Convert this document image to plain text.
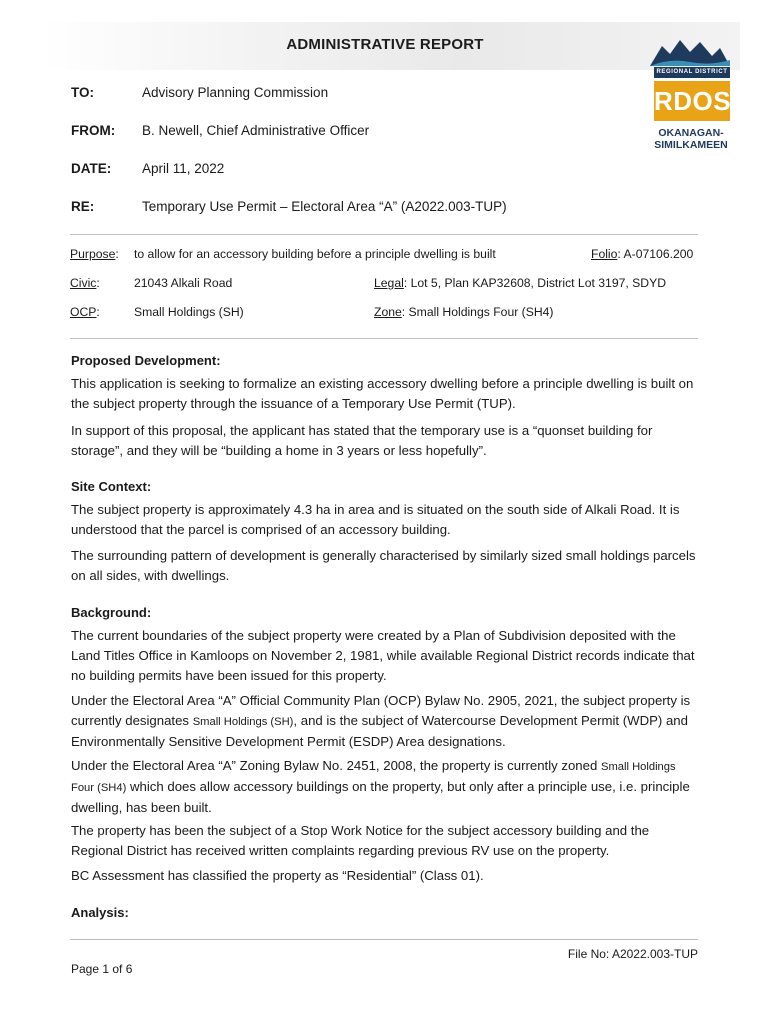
ADMINISTRATIVE REPORT
REGIONAL DISTRICT
RDOS
OKANAGAN-
SIMILKAMEEN
TO:	Advisory Planning Commission
FROM: B. Newell, Chief Administrative Officer
DATE: April 11, 2022
RE:	Temporary Use Permit – Electoral Area “A” (A2022.003-TUP)
Purpose: to allow for an accessory building before a principle dwelling is built	Folio: A-07106.200
Civic:	21043 Alkali Road	Legal: Lot 5, Plan KAP32608, District Lot 3197, SDYD
OCP:	Small Holdings (SH)	Zone: Small Holdings Four (SH4)
Proposed Development:
This application is seeking to formalize an existing accessory dwelling before a principle dwelling is built on the subject property through the issuance of a Temporary Use Permit (TUP).
In support of this proposal, the applicant has stated that the temporary use is a “quonset building for storage”, and they will be “building a home in 3 years or less hopefully”.
Site Context:
The subject property is approximately 4.3 ha in area and is situated on the south side of Alkali Road. It is understood that the parcel is comprised of an accessory building.
The surrounding pattern of development is generally characterised by similarly sized small holdings parcels on all sides, with dwellings.
Background:
The current boundaries of the subject property were created by a Plan of Subdivision deposited with the Land Titles Office in Kamloops on November 2, 1981, while available Regional District records indicate that no building permits have been issued for this property.
Under the Electoral Area “A” Official Community Plan (OCP) Bylaw No. 2905, 2021, the subject property is currently designates Small Holdings (SH), and is the subject of Watercourse Development Permit (WDP) and Environmentally Sensitive Development Permit (ESDP) Area designations.
Under the Electoral Area “A” Zoning Bylaw No. 2451, 2008, the property is currently zoned Small Holdings Four (SH4) which does allow accessory buildings on the property, but only after a principle use, i.e. principle dwelling, has been built.
The property has been the subject of a Stop Work Notice for the subject accessory building and the Regional District has received written complaints regarding previous RV use on the property.
BC Assessment has classified the property as “Residential” (Class 01).
Analysis:
File No: A2022.003-TUP
Page 1 of 6
